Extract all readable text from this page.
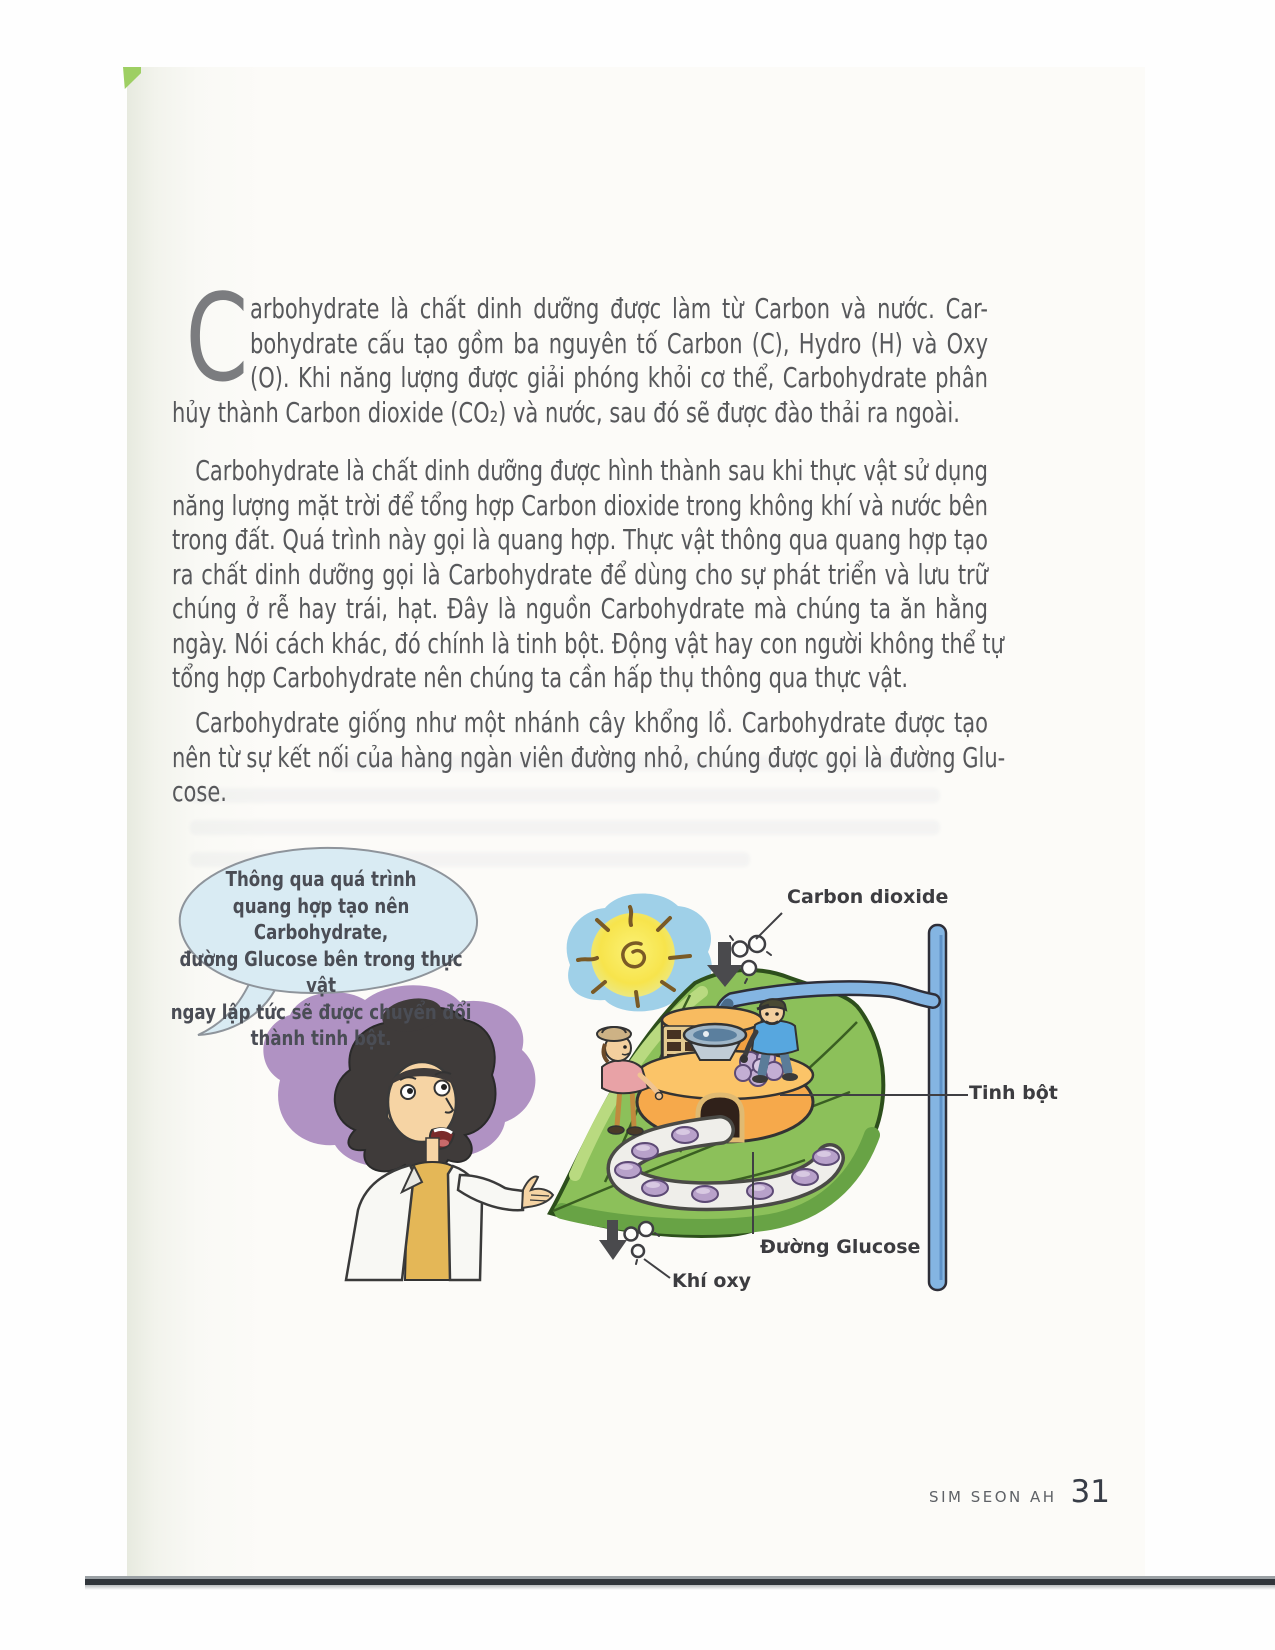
C arbohydrate là chất dinh dưỡng được làm từ Carbon và nước. Car-
bohydrate cấu tạo gồm ba nguyên tố Carbon (C), Hydro (H) và Oxy
(O). Khi năng lượng được giải phóng khỏi cơ thể, Carbohydrate phân
hủy thành Carbon dioxide (CO₂) và nước, sau đó sẽ được đào thải ra ngoài.
Carbohydrate là chất dinh dưỡng được hình thành sau khi thực vật sử dụng
năng lượng mặt trời để tổng hợp Carbon dioxide trong không khí và nước bên
trong đất. Quá trình này gọi là quang hợp. Thực vật thông qua quang hợp tạo
ra chất dinh dưỡng gọi là Carbohydrate để dùng cho sự phát triển và lưu trữ
chúng ở rễ hay trái, hạt. Đây là nguồn Carbohydrate mà chúng ta ăn hằng
ngày. Nói cách khác, đó chính là tinh bột. Động vật hay con người không thể tự
tổng hợp Carbohydrate nên chúng ta cần hấp thụ thông qua thực vật.
Carbohydrate giống như một nhánh cây khổng lồ. Carbohydrate được tạo
nên từ sự kết nối của hàng ngàn viên đường nhỏ, chúng được gọi là đường Glu-
cose.
Thông qua quá trình
quang hợp tạo nên Carbohydrate,
đường Glucose bên trong thực vật
ngay lập tức sẽ được chuyển đổi
thành tinh bột.
Carbon dioxide
Tinh bột
Đường Glucose
Khí oxy
SIM SEON AH 31
